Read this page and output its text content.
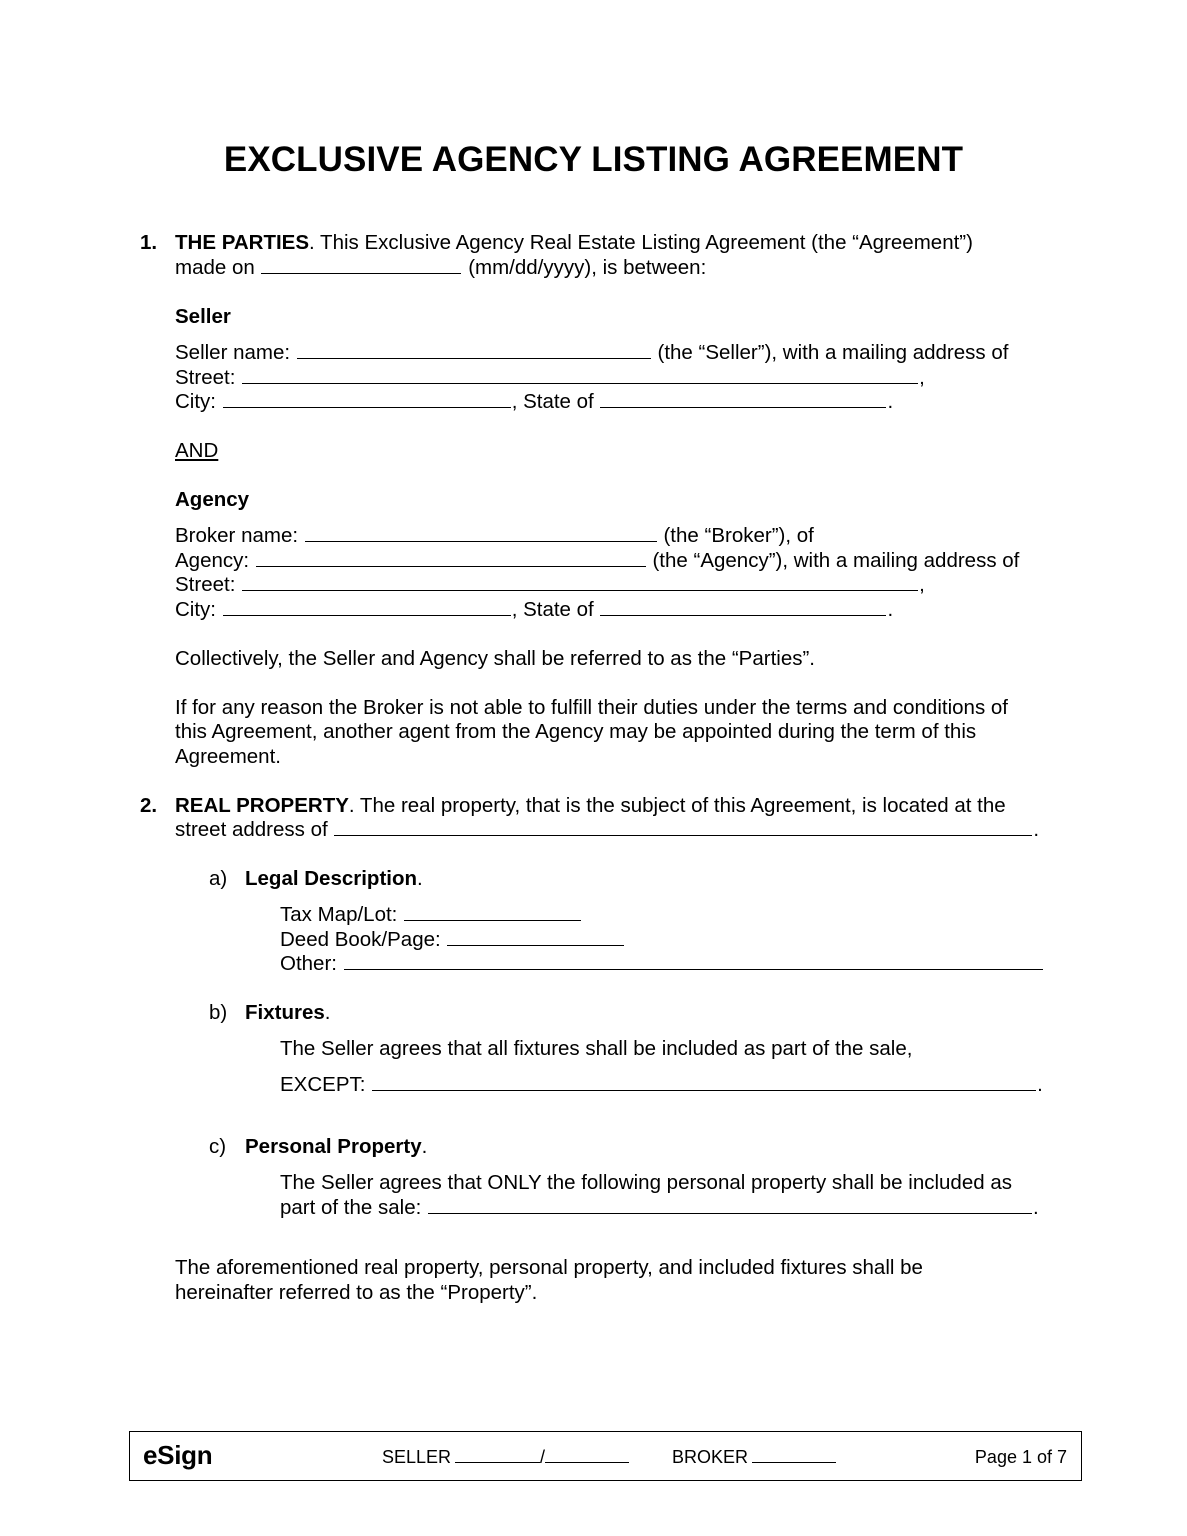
EXCLUSIVE AGENCY LISTING AGREEMENT
1. THE PARTIES. This Exclusive Agency Real Estate Listing Agreement (the “Agreement”)
made on	(mm/dd/yyyy), is between:
Seller
Seller name:	(the “Seller”), with a mailing address of
Street:	,
City:	, State of	.
AND
Agency
Broker name:	(the “Broker”), of
Agency:	(the “Agency”), with a mailing address of
Street:	,
City:	, State of	.
Collectively, the Seller and Agency shall be referred to as the “Parties”.
If for any reason the Broker is not able to fulfill their duties under the terms and conditions of
this Agreement, another agent from the Agency may be appointed during the term of this
Agreement.
2. REAL PROPERTY. The real property, that is the subject of this Agreement, is located at the
street address of	.
a) Legal Description.
Tax Map/Lot:
Deed Book/Page:
Other:
b) Fixtures.
The Seller agrees that all fixtures shall be included as part of the sale,
EXCEPT:	.
c) Personal Property.
The Seller agrees that ONLY the following personal property shall be included as
part of the sale:	.
The aforementioned real property, personal property, and included fixtures shall be
hereinafter referred to as the “Property”.
eSign	SELLER	/	BROKER	Page 1 of 7
